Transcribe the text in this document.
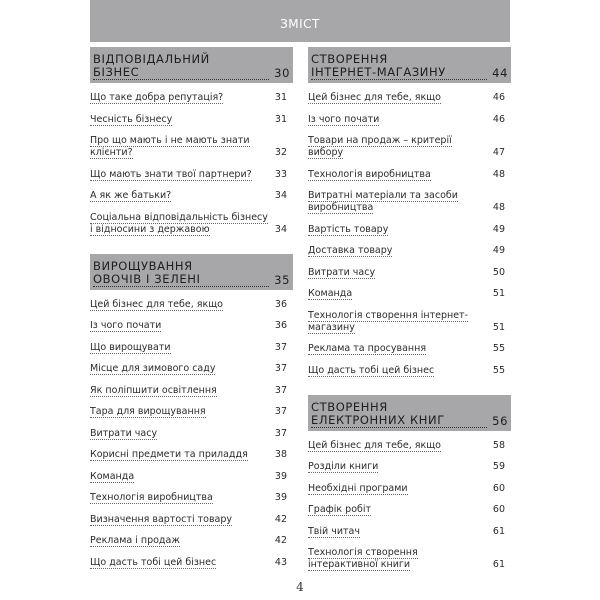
ЗМІСТ
ВІДПОВІДАЛЬНИЙ
БІЗНЕС	30
Що таке добра репутація?	31
Чесність бізнесу	31
Про що мають і не мають знати клієнти?	32
Що мають знати твої партнери? 33
А як же батьки?	34
Соціальна відповідальність бізнесу і відносини з державою	34
ВИРОЩУВАННЯ
ОВОЧІВ І ЗЕЛЕНІ	35
Цей бізнес для тебе, якщо	36
Із чого почати	36
Що вирощувати	37
Місце для зимового саду	37
Як поліпшити освітлення	37
Тара для вирощування	37
Витрати часу	37
Корисні предмети та приладдя	38
Команда	39
Технологія виробництва	39
Визначення вартості товару	42
Реклама і продаж	42
Що дасть тобі цей бізнес	43
СТВОРЕННЯ
ІНТЕРНЕТ-МАГАЗИНУ	44
Цей бізнес для тебе, якщо	46
Із чого почати	46
Товари на продаж – критерії вибору	47
Технологія виробництва	48
Витратні матеріали та засоби виробництва	48
Вартість товару	49
Доставка товару	49
Витрати часу	50
Команда	51
Технологія створення інтернет-магазину	51
Реклама та просування	55
Що дасть тобі цей бізнес	55
СТВОРЕННЯ
ЕЛЕКТРОННИХ КНИГ	56
Цей бізнес для тебе, якщо	58
Розділи книги	59
Необхідні програми	60
Графік робіт	60
Твій читач	61
Технологія створення інтерактивної книги	61
4
